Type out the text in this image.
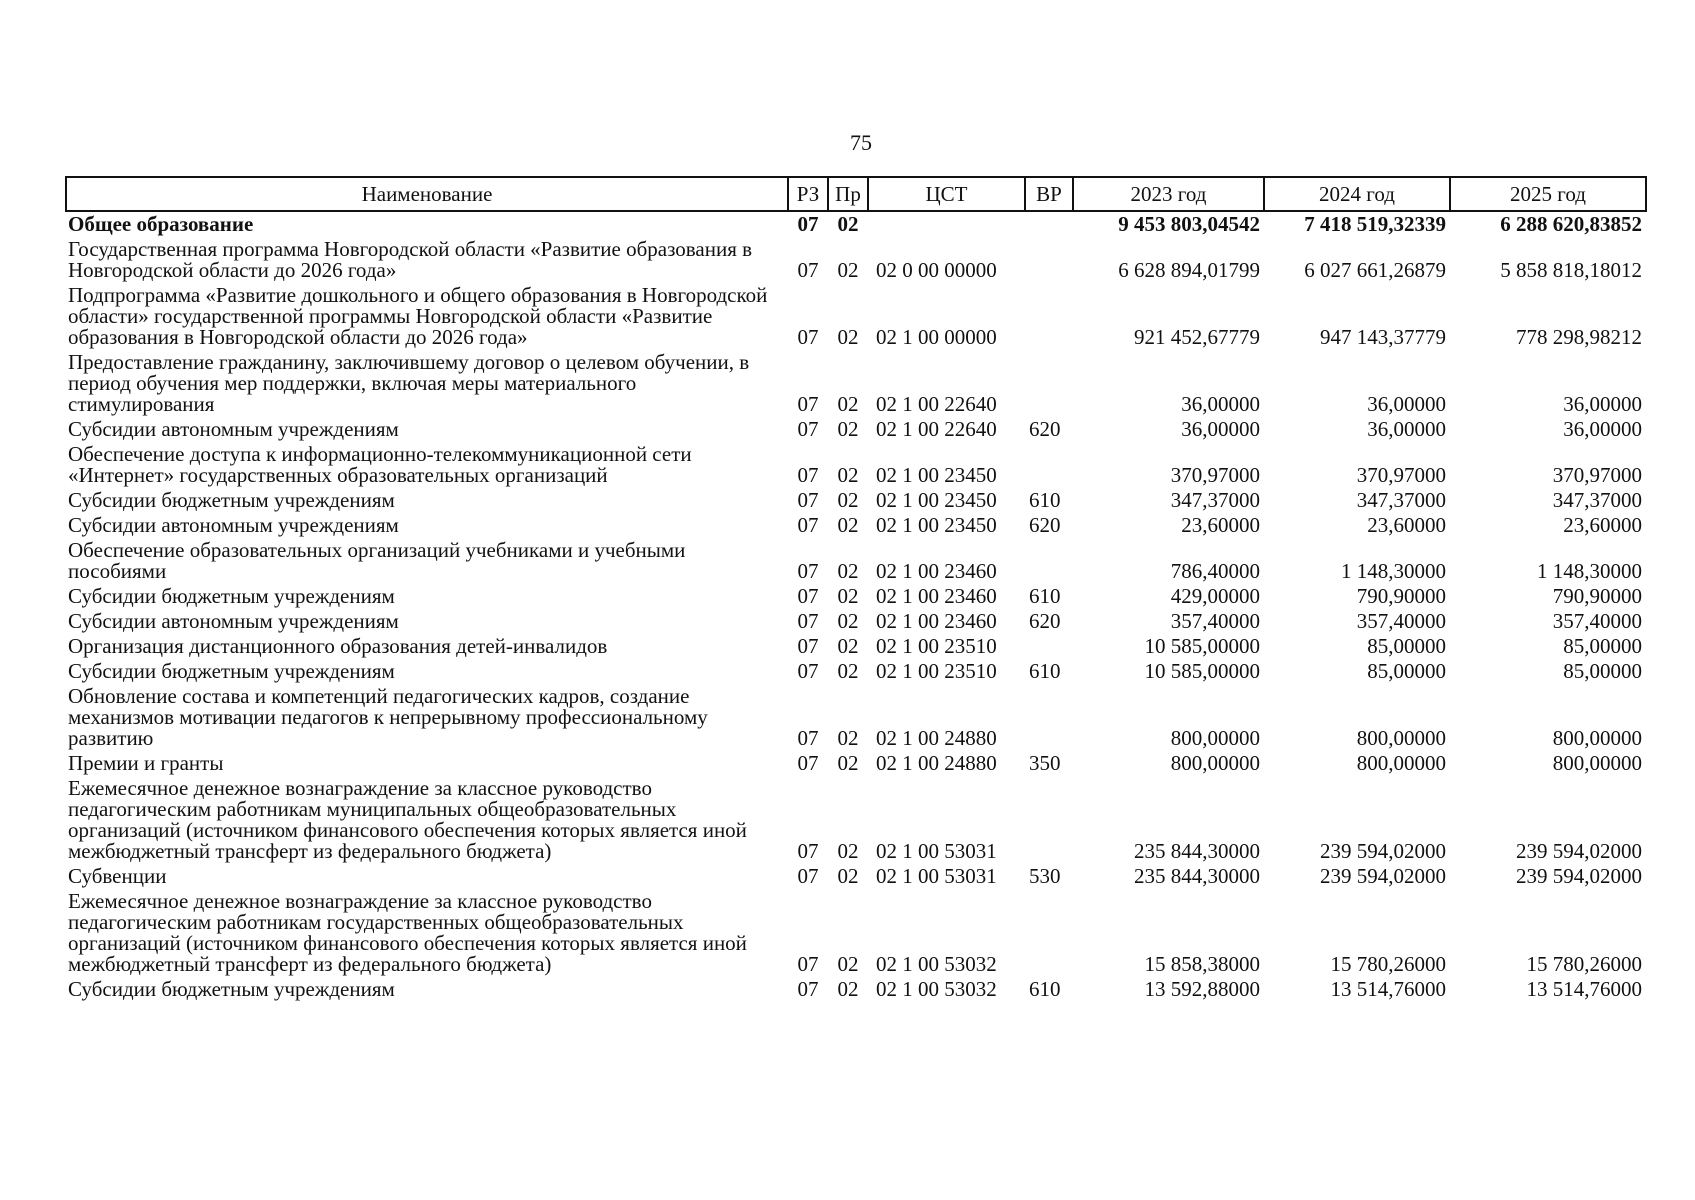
75
Наименование	РЗ	Пр	ЦСТ	ВР	2023 год	2024 год	2025 год
Общее образование	07	02			9 453 803,04542	7 418 519,32339	6 288 620,83852
Государственная программа Новгородской области «Развитие образования в Новгородской области до 2026 года»	07	02	02 0 00 00000		6 628 894,01799	6 027 661,26879	5 858 818,18012
Подпрограмма «Развитие дошкольного и общего образования в Новгородской области» государственной программы Новгородской области «Развитие образования в Новгородской области до 2026 года»	07	02	02 1 00 00000		921 452,67779	947 143,37779	778 298,98212
Предоставление гражданину, заключившему договор о целевом обучении, в период обучения мер поддержки, включая меры материального стимулирования	07	02	02 1 00 22640		36,00000	36,00000	36,00000
Субсидии автономным учреждениям	07	02	02 1 00 22640	620	36,00000	36,00000	36,00000
Обеспечение доступа к информационно-телекоммуникационной сети «Интернет» государственных образовательных организаций	07	02	02 1 00 23450		370,97000	370,97000	370,97000
Субсидии бюджетным учреждениям	07	02	02 1 00 23450	610	347,37000	347,37000	347,37000
Субсидии автономным учреждениям	07	02	02 1 00 23450	620	23,60000	23,60000	23,60000
Обеспечение образовательных организаций учебниками и учебными пособиями	07	02	02 1 00 23460		786,40000	1 148,30000	1 148,30000
Субсидии бюджетным учреждениям	07	02	02 1 00 23460	610	429,00000	790,90000	790,90000
Субсидии автономным учреждениям	07	02	02 1 00 23460	620	357,40000	357,40000	357,40000
Организация дистанционного образования детей-инвалидов	07	02	02 1 00 23510		10 585,00000	85,00000	85,00000
Субсидии бюджетным учреждениям	07	02	02 1 00 23510	610	10 585,00000	85,00000	85,00000
Обновление состава и компетенций педагогических кадров, создание механизмов мотивации педагогов к непрерывному профессиональному развитию	07	02	02 1 00 24880		800,00000	800,00000	800,00000
Премии и гранты	07	02	02 1 00 24880	350	800,00000	800,00000	800,00000
Ежемесячное денежное вознаграждение за классное руководство педагогическим работникам муниципальных общеобразовательных организаций (источником финансового обеспечения которых является иной межбюджетный трансферт из федерального бюджета)	07	02	02 1 00 53031		235 844,30000	239 594,02000	239 594,02000
Субвенции	07	02	02 1 00 53031	530	235 844,30000	239 594,02000	239 594,02000
Ежемесячное денежное вознаграждение за классное руководство педагогическим работникам государственных общеобразовательных организаций (источником финансового обеспечения которых является иной межбюджетный трансферт из федерального бюджета)	07	02	02 1 00 53032		15 858,38000	15 780,26000	15 780,26000
Субсидии бюджетным учреждениям	07	02	02 1 00 53032	610	13 592,88000	13 514,76000	13 514,76000
